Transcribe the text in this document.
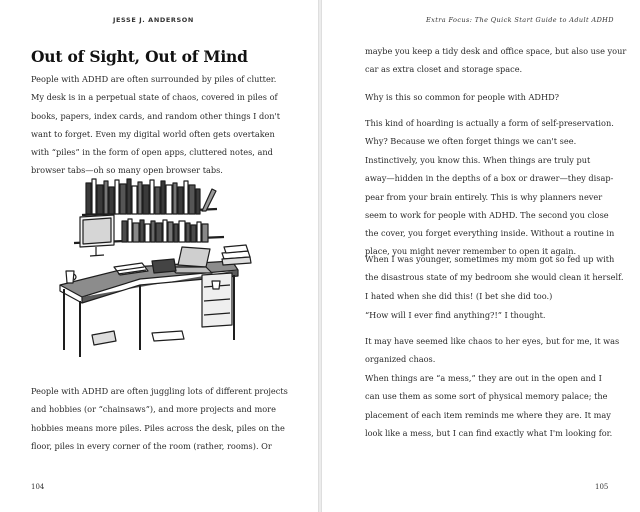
JESSE J. ANDERSON
Out of Sight, Out of Mind
People with ADHD are often surrounded by piles of clutter.
My desk is in a perpetual state of chaos, covered in piles of
books, papers, index cards, and random other things I don't
want to forget. Even my digital world often gets overtaken
with “piles” in the form of open apps, cluttered notes, and
browser tabs—oh so many open browser tabs.
People with ADHD are often juggling lots of different projects
and hobbies (or “chainsaws”), and more projects and more
hobbies means more piles. Piles across the desk, piles on the
floor, piles in every corner of the room (rather, rooms). Or
104
Extra Focus: The Quick Start Guide to Adult ADHD
maybe you keep a tidy desk and office space, but also use your
car as extra closet and storage space.
Why is this so common for people with ADHD?
This kind of hoarding is actually a form of self-preservation.
Why? Because we often forget things we can't see.
Instinctively, you know this. When things are truly put
away—hidden in the depths of a box or drawer—they disap-
pear from your brain entirely. This is why planners never
seem to work for people with ADHD. The second you close
the cover, you forget everything inside. Without a routine in
place, you might never remember to open it again.
When I was younger, sometimes my mom got so fed up with
the disastrous state of my bedroom she would clean it herself.
I hated when she did this! (I bet she did too.)
“How will I ever find anything?!” I thought.
It may have seemed like chaos to her eyes, but for me, it was
organized chaos.
When things are “a mess,” they are out in the open and I
can use them as some sort of physical memory palace; the
placement of each item reminds me where they are. It may
look like a mess, but I can find exactly what I'm looking for.
105
